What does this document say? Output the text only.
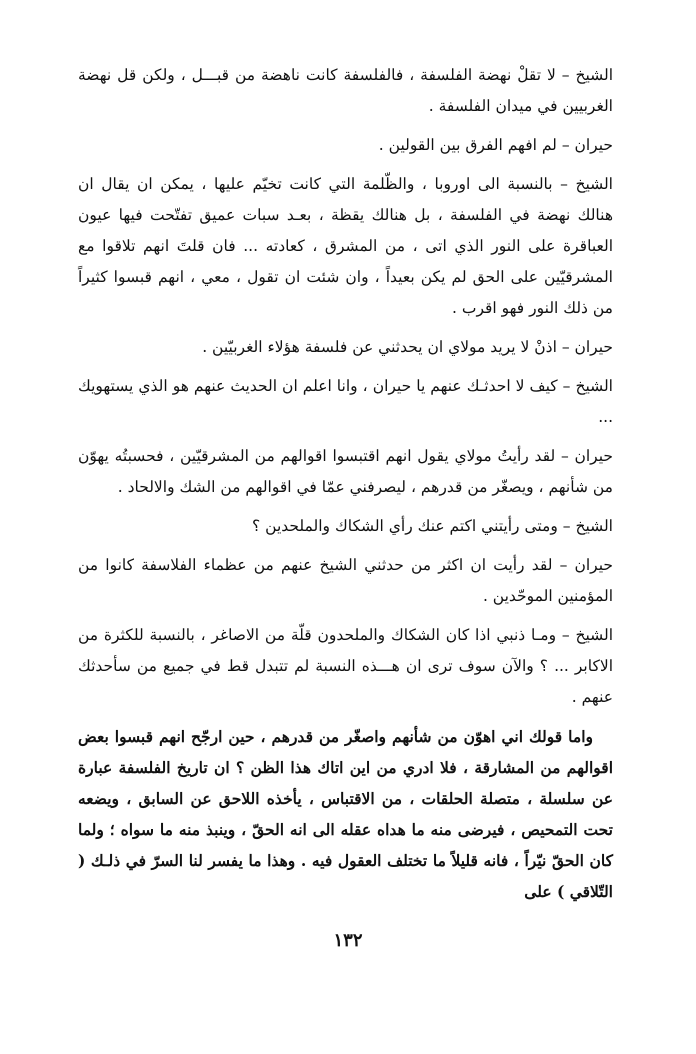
الشيخ – لا تقلْ نهضة الفلسفة ، فالفلسفة كانت ناهضة من قبـــل ، ولكن قل نهضة الغربيين في ميدان الفلسفة .

حيران – لم افهم الفرق بين القولين .

الشيخ – بالنسبة الى اوروبا ، والظّلمة التي كانت تخيّم عليها ، يمكن ان يقال ان هنالك نهضة في الفلسفة ، بل هنالك يقظة ، بعـد سبات عميق تفتّحت فيها عيون العباقرة على النور الذي اتى ، من المشرق ، كعادته ... فان قلتَ انهم تلاقوا مع المشرقيّين على الحق لم يكن بعيداً ، وان شئت ان تقول ، معي ، انهم قبسوا كثيراً من ذلك النور فهو اقرب .

حيران – اذنْ لا يريد مولاي ان يحدثني عن فلسفة هؤلاء الغربيّين .

الشيخ – كيف لا احدثـك عنهم يا حيران ، وانا اعلم ان الحديث عنهم هو الذي يستهويك ...

حيران – لقد رأيتُ مولاي يقول انهم اقتبسوا اقوالهم من المشرقيّين ، فحسبتُه يهوّن من شأنهم ، ويصغّر من قدرهم ، ليصرفني عمّا في اقوالهم من الشك والالحاد .

الشيخ – ومتى رأيتني اكتم عنك رأي الشكاك والملحدين ؟

حيران – لقد رأيت ان اكثر من حدثني الشيخ عنهم من عظماء الفلاسفة كانوا من المؤمنين الموحّدين .

الشيخ – ومـا ذنبي اذا كان الشكاك والملحدون قلّة من الاصاغر ، بالنسبة للكثرة من الاكابر ... ؟ والآن سوف ترى ان هـــذه النسبة لم تتبدل قط في جميع من سأحدثك عنهم .

واما قولك اني اهوّن من شأنهم واصغّر من قدرهم ، حين ارجّح انهم قبسوا بعض اقوالهم من المشارقة ، فلا ادري من اين اتاك هذا الظن ؟ ان تاريخ الفلسفة عبارة عن سلسلة ، متصلة الحلقات ، من الاقتباس ، يأخذه اللاحق عن السابق ، ويضعه تحت التمحيص ، فيرضى منه ما هداه عقله الى انه الحقّ ، وينبذ منه ما سواه ؛ ولما كان الحقّ نيّراً ، فانه قليلاً ما تختلف العقول فيه . وهذا ما يفسر لنا السرّ في ذلـك ( التّلاقي ) على

١٣٢
